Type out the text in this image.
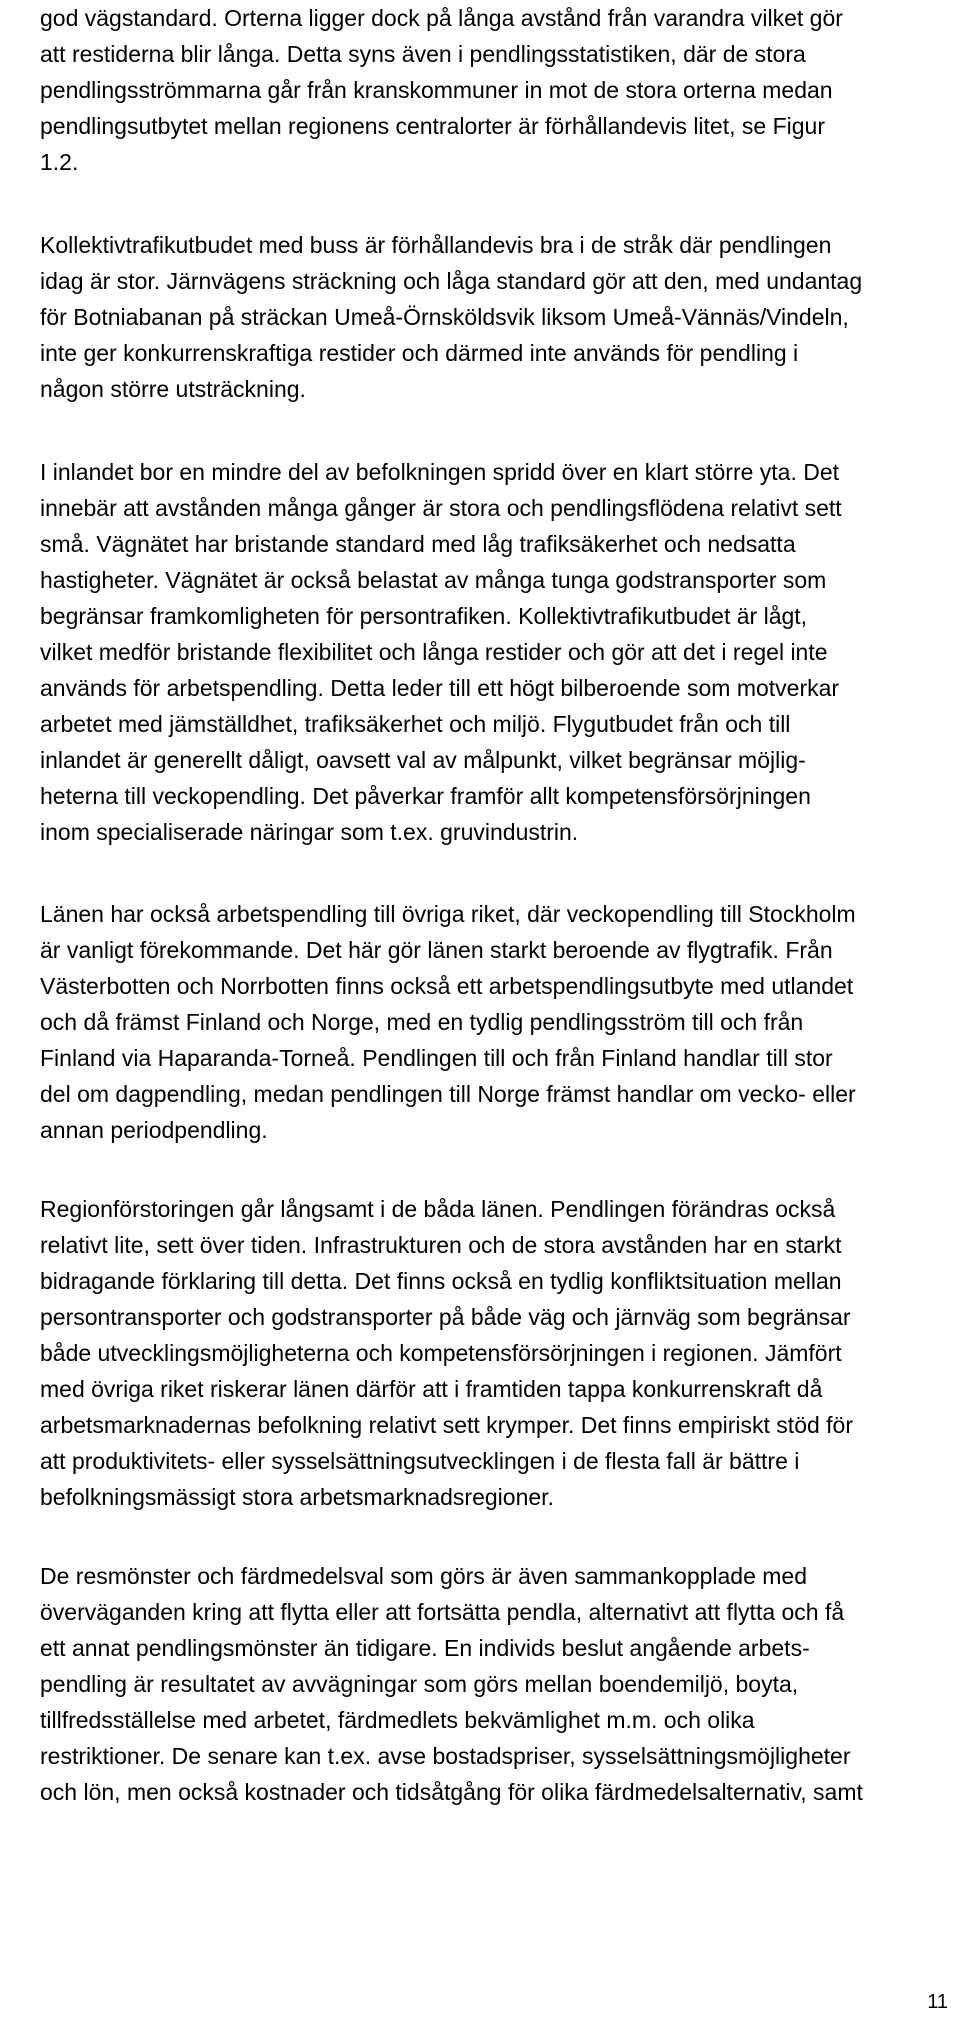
god vägstandard. Orterna ligger dock på långa avstånd från varandra vilket gör
att restiderna blir långa. Detta syns även i pendlingsstatistiken, där de stora
pendlingsströmmarna går från kranskommuner in mot de stora orterna medan
pendlingsutbytet mellan regionens centralorter är förhållandevis litet, se Figur
1.2.
Kollektivtrafikutbudet med buss är förhållandevis bra i de stråk där pendlingen
idag är stor. Järnvägens sträckning och låga standard gör att den, med undantag
för Botniabanan på sträckan Umeå-Örnsköldsvik liksom Umeå-Vännäs/Vindeln,
inte ger konkurrenskraftiga restider och därmed inte används för pendling i
någon större utsträckning.
I inlandet bor en mindre del av befolkningen spridd över en klart större yta. Det
innebär att avstånden många gånger är stora och pendlingsflödena relativt sett
små. Vägnätet har bristande standard med låg trafiksäkerhet och nedsatta
hastigheter. Vägnätet är också belastat av många tunga godstransporter som
begränsar framkomligheten för persontrafiken. Kollektivtrafikutbudet är lågt,
vilket medför bristande flexibilitet och långa restider och gör att det i regel inte
används för arbetspendling. Detta leder till ett högt bilberoende som motverkar
arbetet med jämställdhet, trafiksäkerhet och miljö. Flygutbudet från och till
inlandet är generellt dåligt, oavsett val av målpunkt, vilket begränsar möjlig-
heterna till veckopendling. Det påverkar framför allt kompetensförsörjningen
inom specialiserade näringar som t.ex. gruvindustrin.
Länen har också arbetspendling till övriga riket, där veckopendling till Stockholm
är vanligt förekommande. Det här gör länen starkt beroende av flygtrafik. Från
Västerbotten och Norrbotten finns också ett arbetspendlingsutbyte med utlandet
och då främst Finland och Norge, med en tydlig pendlingsström till och från
Finland via Haparanda-Torneå. Pendlingen till och från Finland handlar till stor
del om dagpendling, medan pendlingen till Norge främst handlar om vecko- eller
annan periodpendling.
Regionförstoringen går långsamt i de båda länen. Pendlingen förändras också
relativt lite, sett över tiden. Infrastrukturen och de stora avstånden har en starkt
bidragande förklaring till detta. Det finns också en tydlig konfliktsituation mellan
persontransporter och godstransporter på både väg och järnväg som begränsar
både utvecklingsmöjligheterna och kompetensförsörjningen i regionen. Jämfört
med övriga riket riskerar länen därför att i framtiden tappa konkurrenskraft då
arbetsmarknadernas befolkning relativt sett krymper. Det finns empiriskt stöd för
att produktivitets- eller sysselsättningsutvecklingen i de flesta fall är bättre i
befolkningsmässigt stora arbetsmarknadsregioner.
De resmönster och färdmedelsval som görs är även sammankopplade med
överväganden kring att flytta eller att fortsätta pendla, alternativt att flytta och få
ett annat pendlingsmönster än tidigare. En individs beslut angående arbets-
pendling är resultatet av avvägningar som görs mellan boendemiljö, boyta,
tillfredsställelse med arbetet, färdmedlets bekvämlighet m.m. och olika
restriktioner. De senare kan t.ex. avse bostadspriser, sysselsättningsmöjligheter
och lön, men också kostnader och tidsåtgång för olika färdmedelsalternativ, samt
11
